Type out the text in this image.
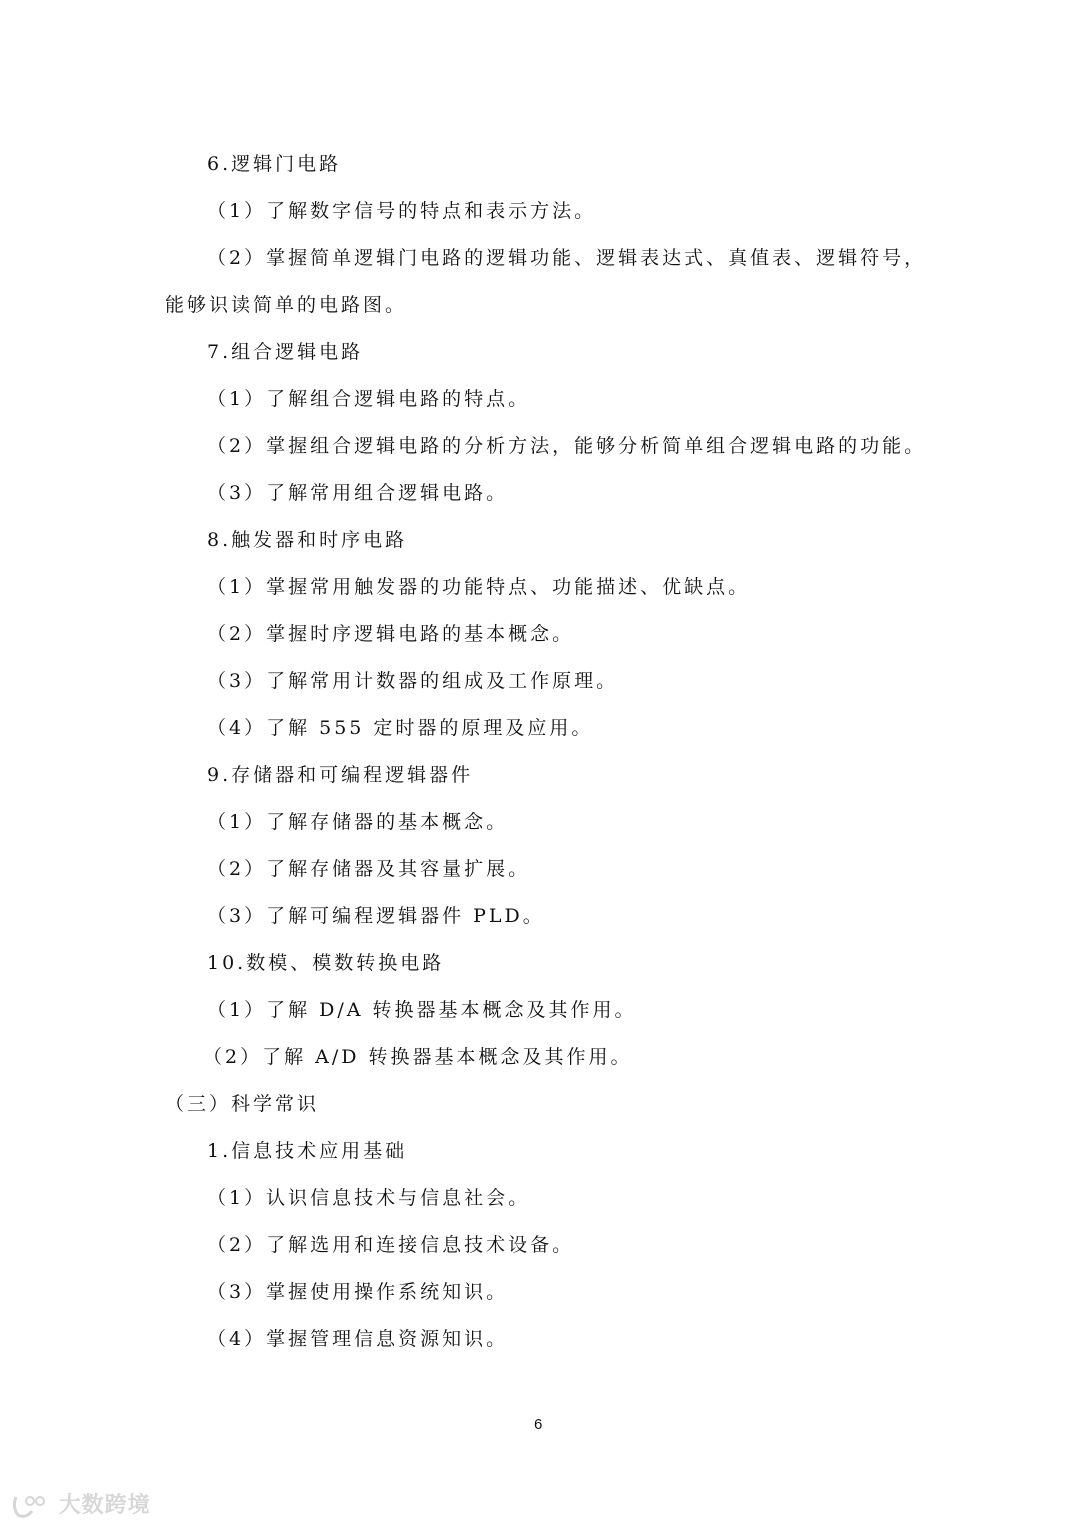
6.逻辑门电路
（1）了解数字信号的特点和表示方法。
（2）掌握简单逻辑门电路的逻辑功能、逻辑表达式、真值表、逻辑符号，
能够识读简单的电路图。
7.组合逻辑电路
（1）了解组合逻辑电路的特点。
（2）掌握组合逻辑电路的分析方法，能够分析简单组合逻辑电路的功能。
（3）了解常用组合逻辑电路。
8.触发器和时序电路
（1）掌握常用触发器的功能特点、功能描述、优缺点。
（2）掌握时序逻辑电路的基本概念。
（3）了解常用计数器的组成及工作原理。
（4）了解 555 定时器的原理及应用。
9.存储器和可编程逻辑器件
（1）了解存储器的基本概念。
（2）了解存储器及其容量扩展。
（3）了解可编程逻辑器件 PLD。
10.数模、模数转换电路
（1）了解 D/A 转换器基本概念及其作用。
（2）了解 A/D 转换器基本概念及其作用。
（三）科学常识
1.信息技术应用基础
（1）认识信息技术与信息社会。
（2）了解选用和连接信息技术设备。
（3）掌握使用操作系统知识。
（4）掌握管理信息资源知识。
6
大数跨境
